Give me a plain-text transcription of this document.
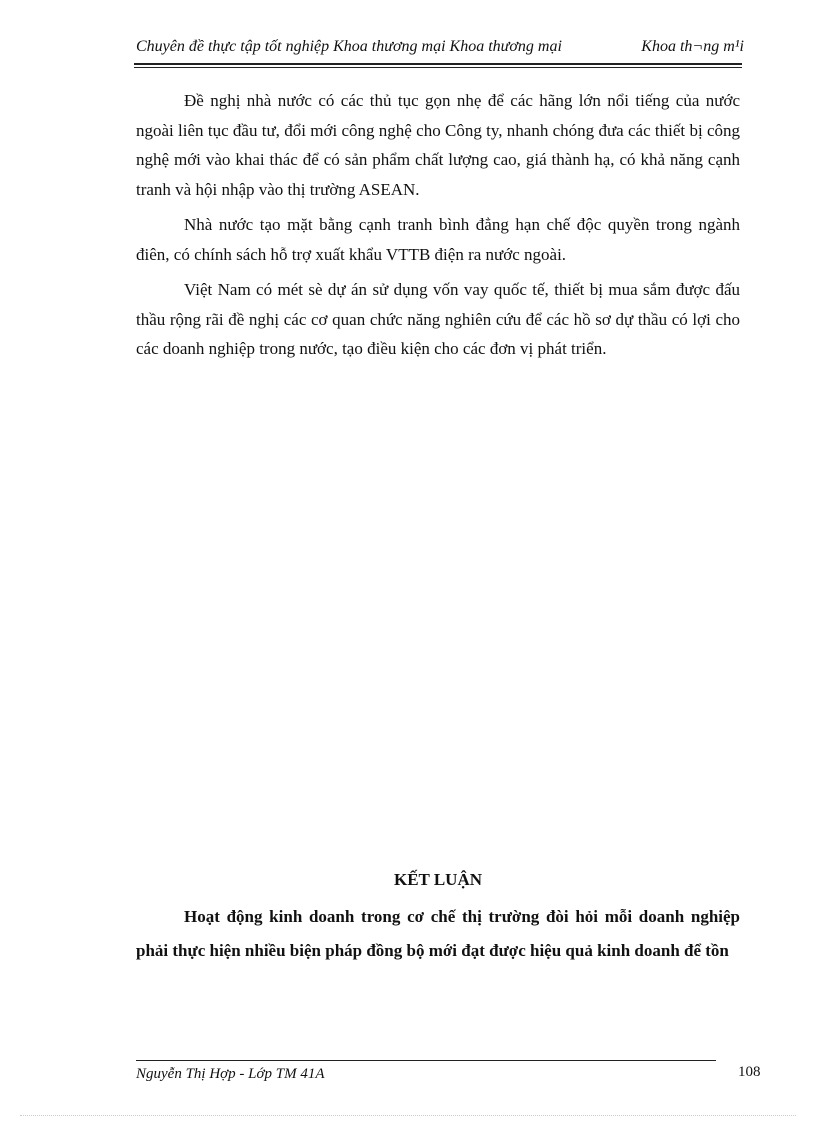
Chuyên đề thực tập tốt nghiệp Khoa thương mại Khoa thương mại	Khoa th¬ng m¹i

Đề nghị nhà nước có các thủ tục gọn nhẹ để các hãng lớn nổi tiếng của nước ngoài liên tục đầu tư, đổi mới công nghệ cho Công ty, nhanh chóng đưa các thiết bị công nghệ mới vào khai thác để có sản phẩm chất lượng cao, giá thành hạ, có khả năng cạnh tranh và hội nhập vào thị trường ASEAN.

Nhà nước tạo mặt bằng cạnh tranh bình đẳng hạn chế độc quyền trong ngành điên, có chính sách hỗ trợ xuất khẩu VTTB điện ra nước ngoài.

Việt Nam có mét sè dự án sử dụng vốn vay quốc tế, thiết bị mua sắm được đấu thầu rộng rãi đề nghị các cơ quan chức năng nghiên cứu để các hồ sơ dự thầu có lợi cho các doanh nghiệp trong nước, tạo điều kiện cho các đơn vị phát triển.

KẾT LUẬN

Hoạt động kinh doanh trong cơ chế thị trường đòi hỏi mỗi doanh nghiệp phải thực hiện nhiều biện pháp đồng bộ mới đạt được hiệu quả kinh doanh để tồn

Nguyễn Thị Hợp - Lớp TM 41A	108
